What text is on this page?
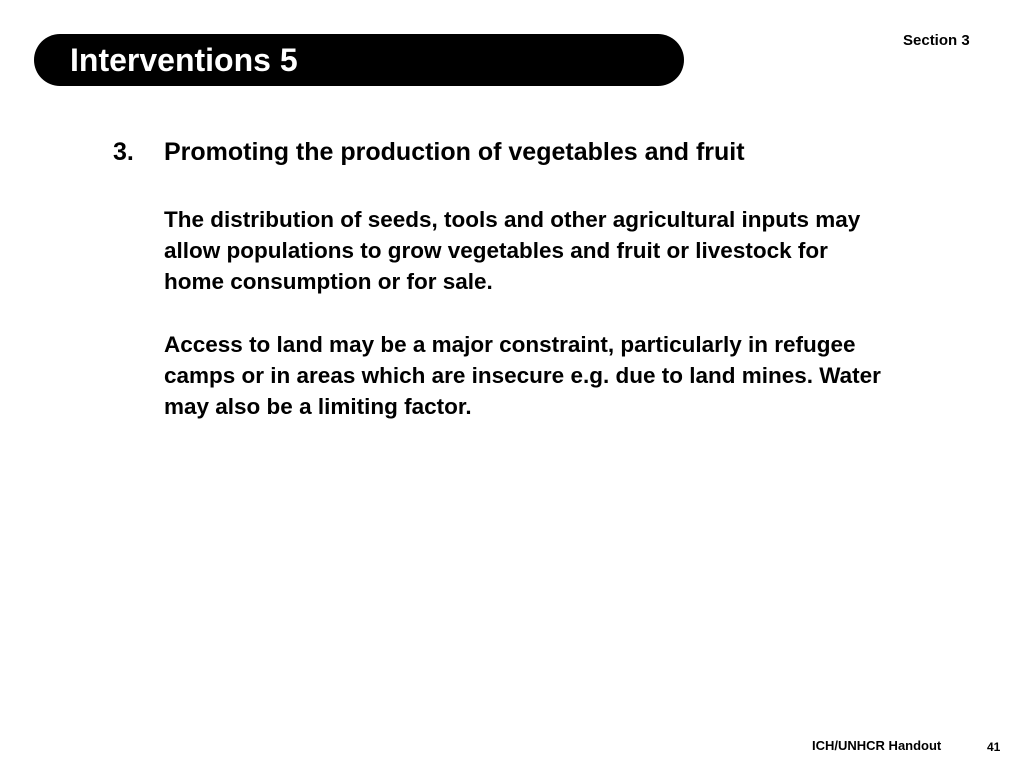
Interventions 5
Section 3
3. Promoting the production of vegetables and fruit

The distribution of seeds, tools and other agricultural inputs may allow populations to grow vegetables and fruit or livestock for home consumption or for sale.

Access to land may be a major constraint, particularly in refugee camps or in areas which are insecure e.g. due to land mines. Water may also be a limiting factor.

ICH/UNHCR Handout	41
